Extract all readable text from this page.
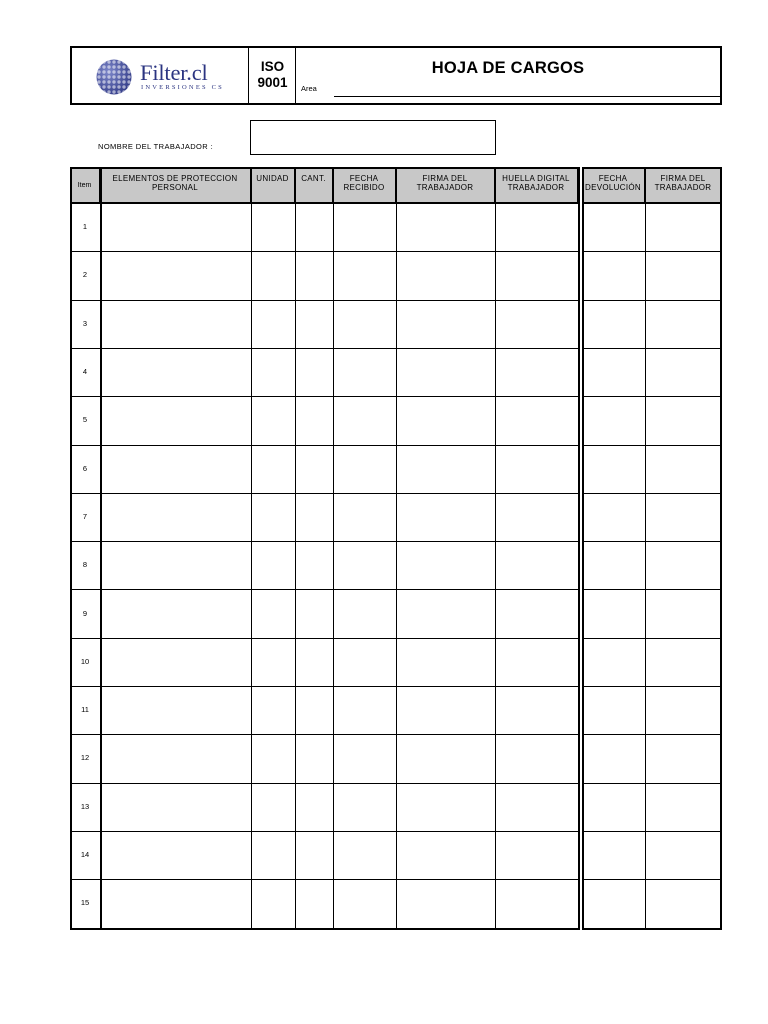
Filter.cl
INVERSIONES CS
ISO
9001
HOJA DE CARGOS
Area
NOMBRE DEL TRABAJADOR :
Item
ELEMENTOS DE PROTECCION PERSONAL
UNIDAD	CANT.	FECHA RECIBIDO
FIRMA DEL TRABAJADOR
HUELLA DIGITAL TRABAJADOR
FECHA DEVOLUCIÓN
FIRMA DEL TRABAJADOR
1
2
3
4
5
6
7
8
9
10
11
12
13
14
15
